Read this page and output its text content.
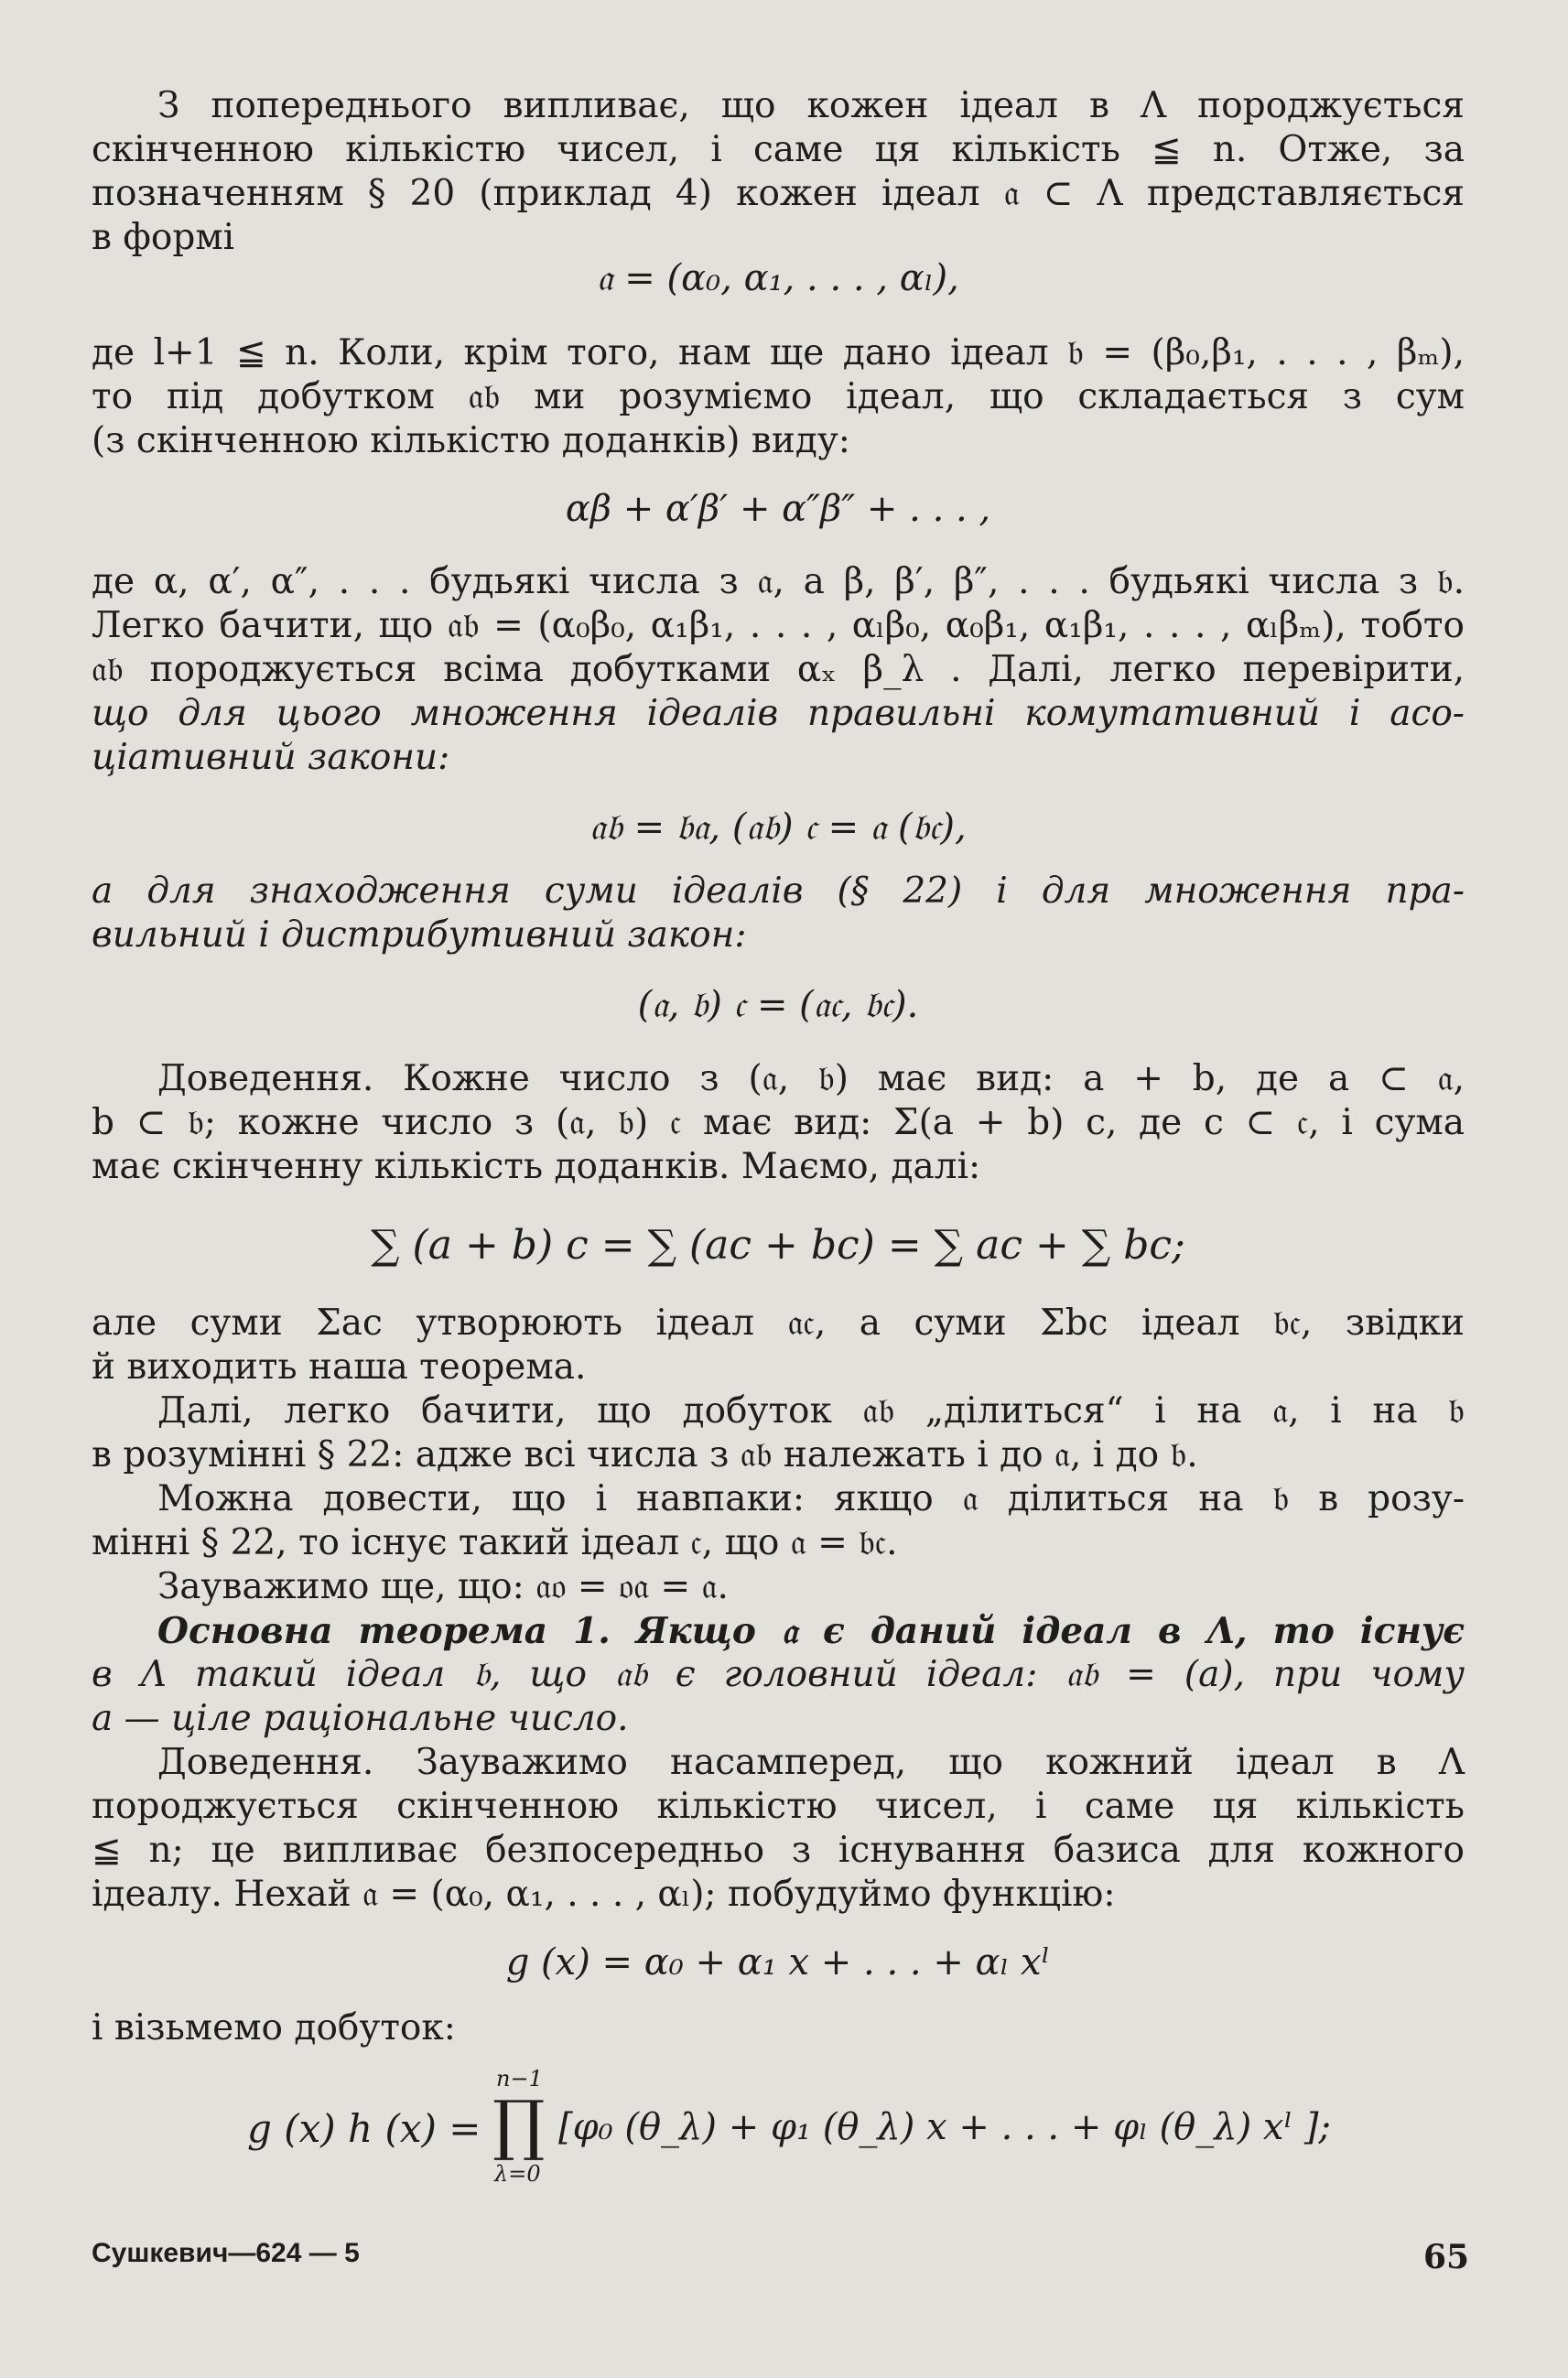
З попереднього випливає, що кожен ідеал в Λ породжується
скінченною кількістю чисел, і саме ця кількість ≦ n. Отже, за
позначенням § 20 (приклад 4) кожен ідеал 𝔞 ⊂ Λ представляється
в формі
𝔞 = (α₀, α₁, . . . , αₗ),
де l+1 ≦ n. Коли, крім того, нам ще дано ідеал 𝔟 = (β₀,β₁, . . . , βₘ),
то під добутком 𝔞𝔟 ми розуміємо ідеал, що складається з сум
(з скінченною кількістю доданків) виду:
αβ + α′β′ + α″β″ + . . . ,
де α, α′, α″, . . . будьякі числа з 𝔞, а β, β′, β″, . . . будьякі числа з 𝔟.
Легко бачити, що 𝔞𝔟 = (α₀β₀, α₁β₁, . . . , αₗβ₀, α₀β₁, α₁β₁, . . . , αₗβₘ), тобто
𝔞𝔟 породжується всіма добутками αₓ β_λ . Далі, легко перевірити,
що для цього множення ідеалів правильні комутативний і асо-
ціативний закони:
𝔞𝔟 = 𝔟𝔞, (𝔞𝔟) 𝔠 = 𝔞 (𝔟𝔠),
а для знаходження суми ідеалів (§ 22) і для множення пра-
вильний і дистрибутивний закон:
(𝔞, 𝔟) 𝔠 = (𝔞𝔠, 𝔟𝔠).
Доведення. Кожне число з (𝔞, 𝔟) має вид: a + b, де a ⊂ 𝔞,
b ⊂ 𝔟; кожне число з (𝔞, 𝔟) 𝔠 має вид: Σ(a + b) c, де c ⊂ 𝔠, і сума
має скінченну кількість доданків. Маємо, далі:
∑ (a + b) c = ∑ (ac + bc) = ∑ ac + ∑ bc;
але суми Σac утворюють ідеал 𝔞𝔠, а суми Σbc ідеал 𝔟𝔠, звідки
й виходить наша теорема.
Далі, легко бачити, що добуток 𝔞𝔟 „ділиться“ і на 𝔞, і на 𝔟
в розумінні § 22: адже всі числа з 𝔞𝔟 належать і до 𝔞, і до 𝔟.
Можна довести, що і навпаки: якщо 𝔞 ділиться на 𝔟 в розу-
мінні § 22, то існує такий ідеал 𝔠, що 𝔞 = 𝔟𝔠.
Зауважимо ще, що: 𝔞𝔬 = 𝔬𝔞 = 𝔞.
Основна теорема 1. Якщо 𝔞 є даний ідеал в Λ, то існує
в Λ такий ідеал 𝔟, що 𝔞𝔟 є головний ідеал: 𝔞𝔟 = (a), при чому
a — ціле раціональне число.
Доведення. Зауважимо насамперед, що кожний ідеал в Λ
породжується скінченною кількістю чисел, і саме ця кількість
≦ n; це випливає безпосередньо з існування базиса для кожного
ідеалу. Нехай 𝔞 = (α₀, α₁, . . . , αₗ); побудуймо функцію:
g (x) = α₀ + α₁ x + . . . + αₗ xˡ
і візьмемо добуток:
g (x) h (x) =
n−1
∏
λ=0
[φ₀ (θ_λ) + φ₁ (θ_λ) x + . . . + φₗ (θ_λ) xˡ ];
Сушкевич—624 — 5	65
